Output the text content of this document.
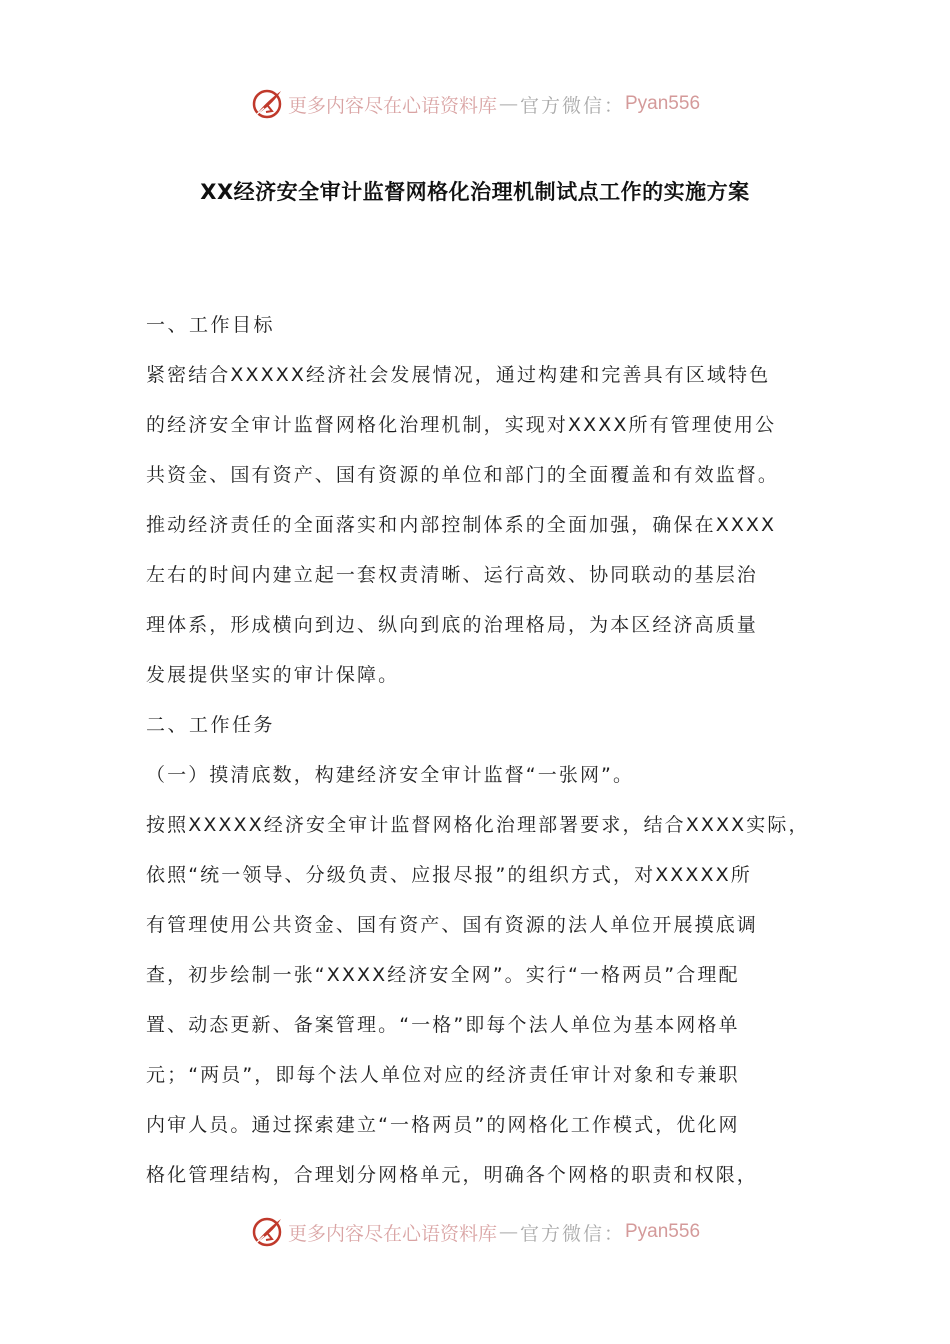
更多内容尽在心语资料库 — 官方微信： Pyan556
XX经济安全审计监督网格化治理机制试点工作的实施方案
一、工作目标
紧密结合XXXXX经济社会发展情况，通过构建和完善具有区域特色
的经济安全审计监督网格化治理机制，实现对XXXX所有管理使用公
共资金、国有资产、国有资源的单位和部门的全面覆盖和有效监督。
推动经济责任的全面落实和内部控制体系的全面加强，确保在XXXX
左右的时间内建立起一套权责清晰、运行高效、协同联动的基层治
理体系，形成横向到边、纵向到底的治理格局，为本区经济高质量
发展提供坚实的审计保障。
二、工作任务
（一）摸清底数，构建经济安全审计监督“一张网”。
按照XXXXX经济安全审计监督网格化治理部署要求，结合XXXX实际，
依照“统一领导、分级负责、应报尽报”的组织方式，对XXXXX所
有管理使用公共资金、国有资产、国有资源的法人单位开展摸底调
查，初步绘制一张“XXXX经济安全网”。实行“一格两员”合理配
置、动态更新、备案管理。“一格”即每个法人单位为基本网格单
元；“两员”，即每个法人单位对应的经济责任审计对象和专兼职
内审人员。通过探索建立“一格两员”的网格化工作模式，优化网
格化管理结构，合理划分网格单元，明确各个网格的职责和权限，
更多内容尽在心语资料库 — 官方微信： Pyan556
